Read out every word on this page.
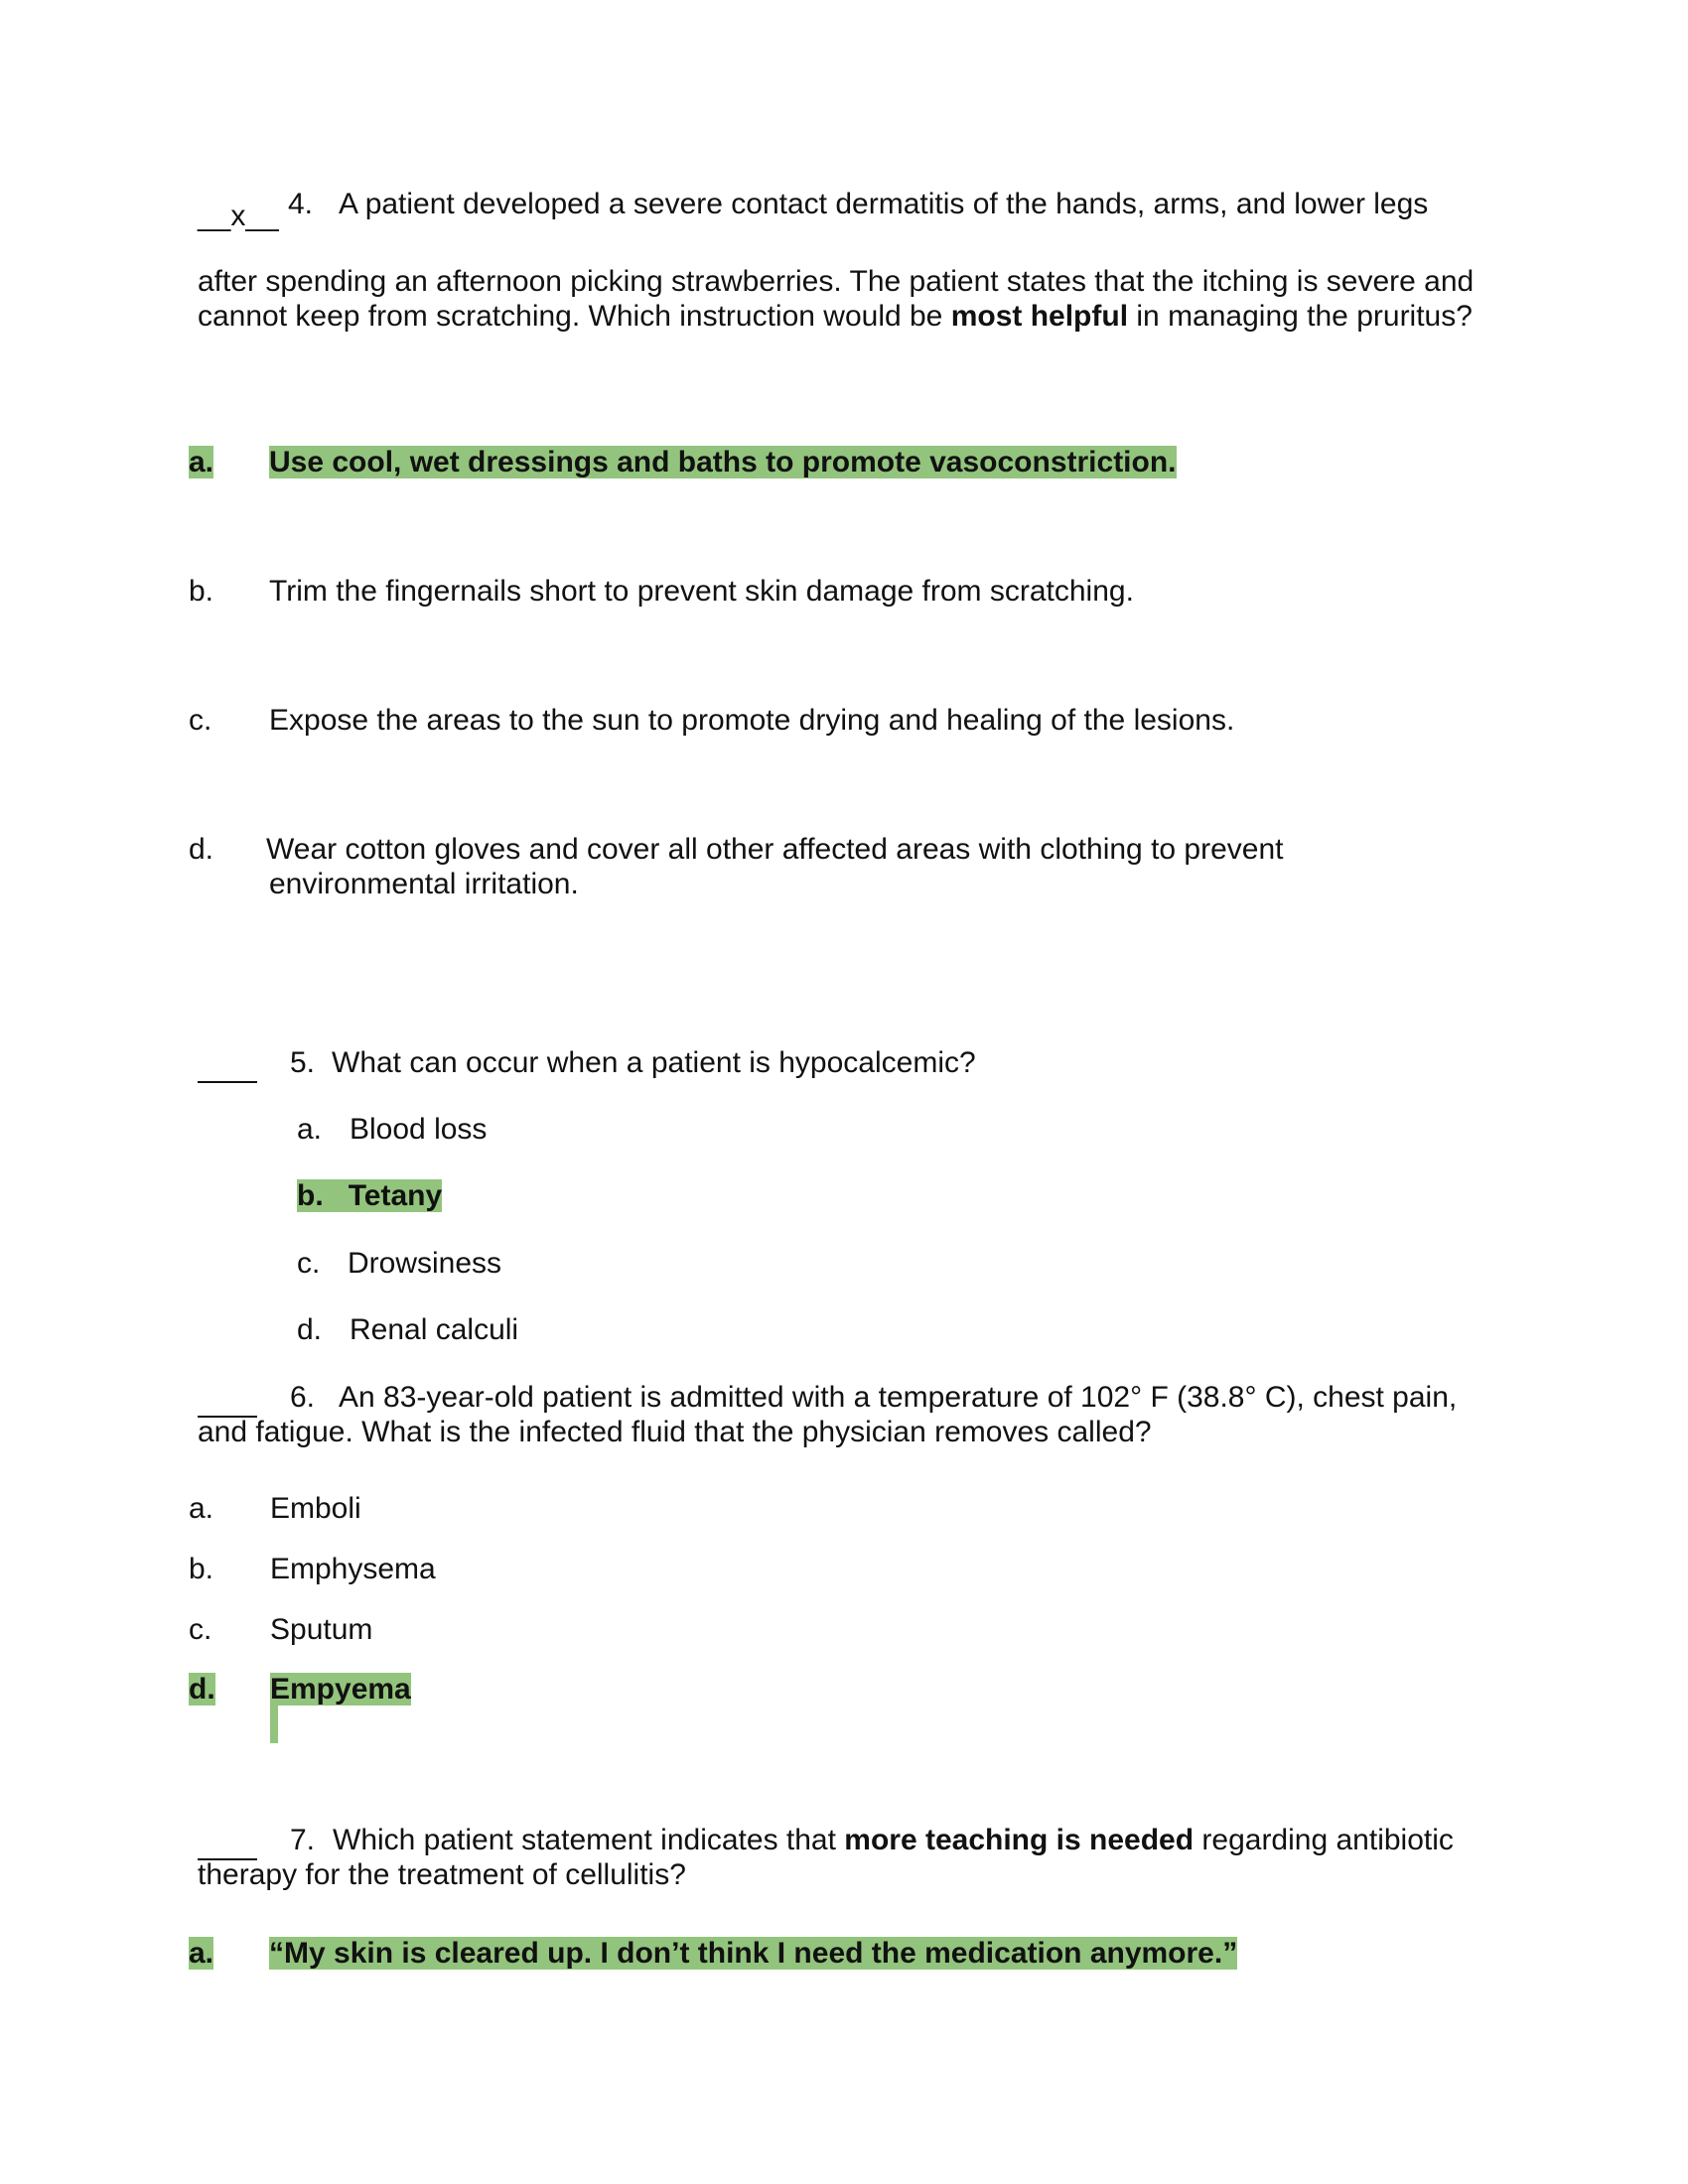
__x__ 4. A patient developed a severe contact dermatitis of the hands, arms, and lower legs
after spending an afternoon picking strawberries. The patient states that the itching is severe and cannot keep from scratching. Which instruction would be most helpful in managing the pruritus?
a. Use cool, wet dressings and baths to promote vasoconstriction.
b. Trim the fingernails short to prevent skin damage from scratching.
c. Expose the areas to the sun to promote drying and healing of the lesions.
d. Wear cotton gloves and cover all other affected areas with clothing to prevent environmental irritation.

5. What can occur when a patient is hypocalcemic?
a. Blood loss
b. Tetany
c. Drowsiness
d. Renal calculi

6. An 83-year-old patient is admitted with a temperature of 102° F (38.8° C), chest pain, and fatigue. What is the infected fluid that the physician removes called?
a. Emboli
b. Emphysema
c. Sputum
d. Empyema

7. Which patient statement indicates that more teaching is needed regarding antibiotic therapy for the treatment of cellulitis?
a. “My skin is cleared up. I don’t think I need the medication anymore.”
